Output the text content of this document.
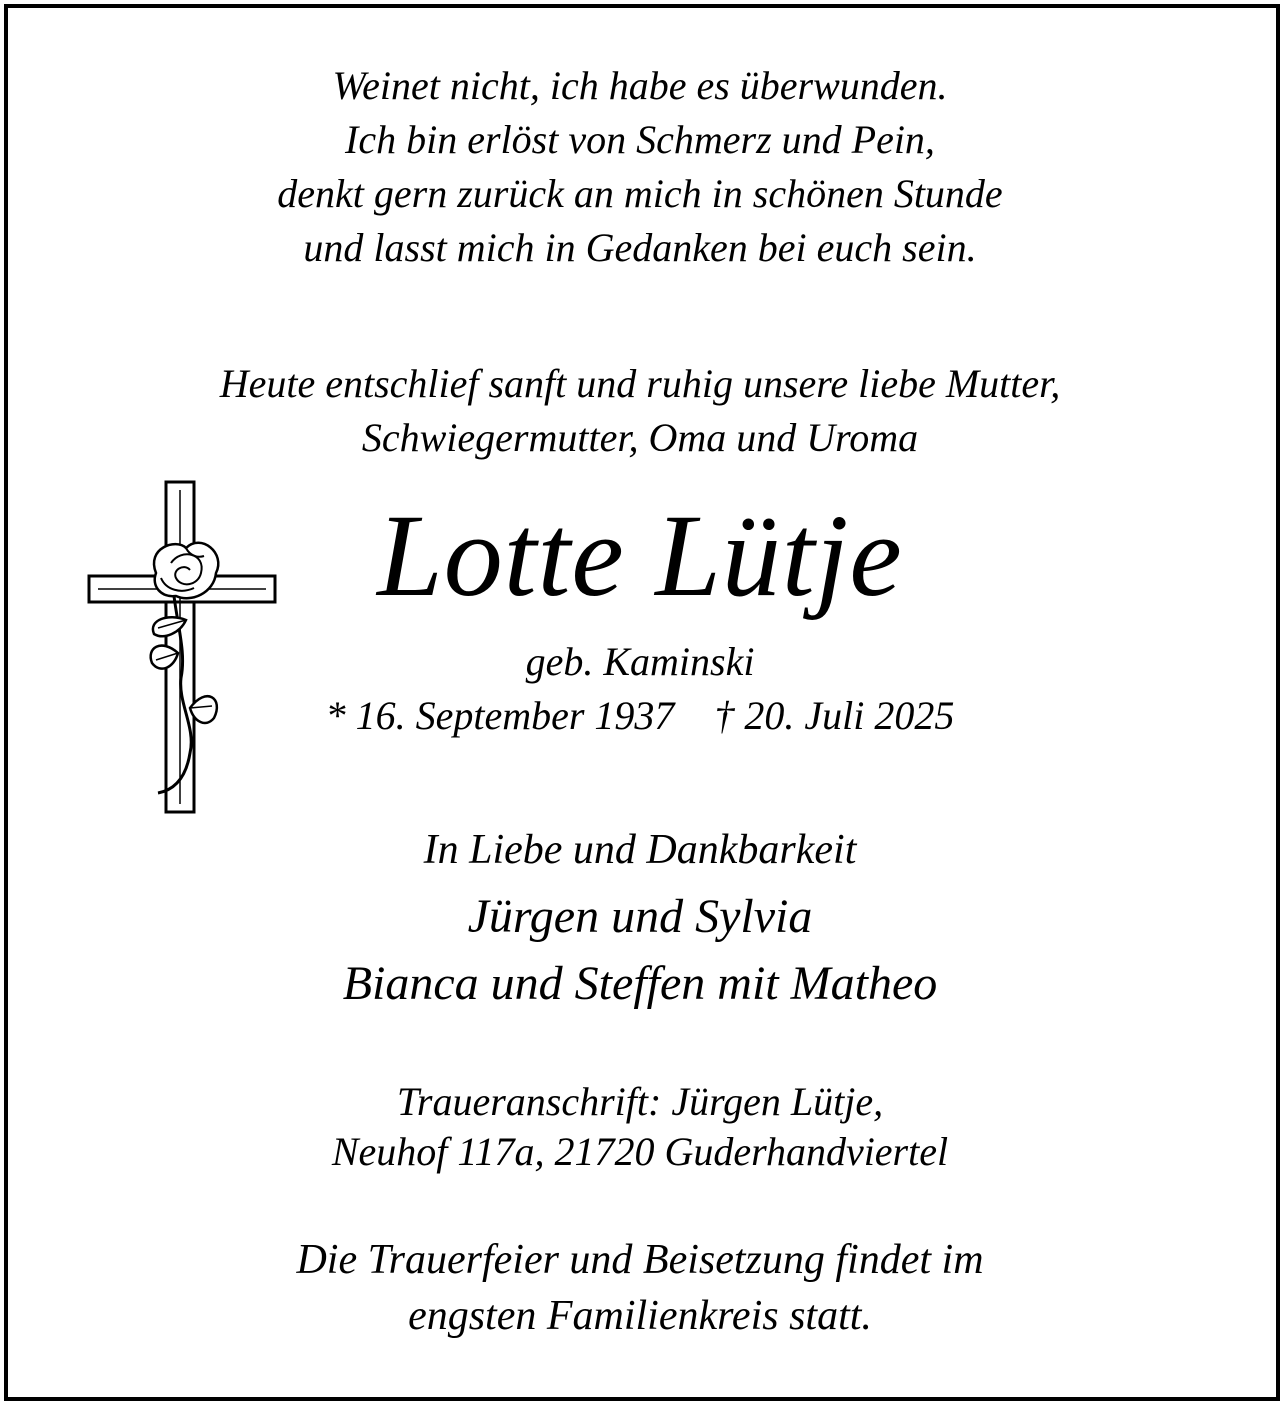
Weinet nicht, ich habe es überwunden.
Ich bin erlöst von Schmerz und Pein,
denkt gern zurück an mich in schönen Stunde
und lasst mich in Gedanken bei euch sein.
Heute entschlief sanft und ruhig unsere liebe Mutter,
Schwiegermutter, Oma und Uroma
Lotte Lütje
geb. Kaminski
* 16. September 1937 † 20. Juli 2025
In Liebe und Dankbarkeit
Jürgen und Sylvia
Bianca und Steffen mit Matheo
Traueranschrift: Jürgen Lütje,
Neuhof 117a, 21720 Guderhandviertel
Die Trauerfeier und Beisetzung findet im
engsten Familienkreis statt.
